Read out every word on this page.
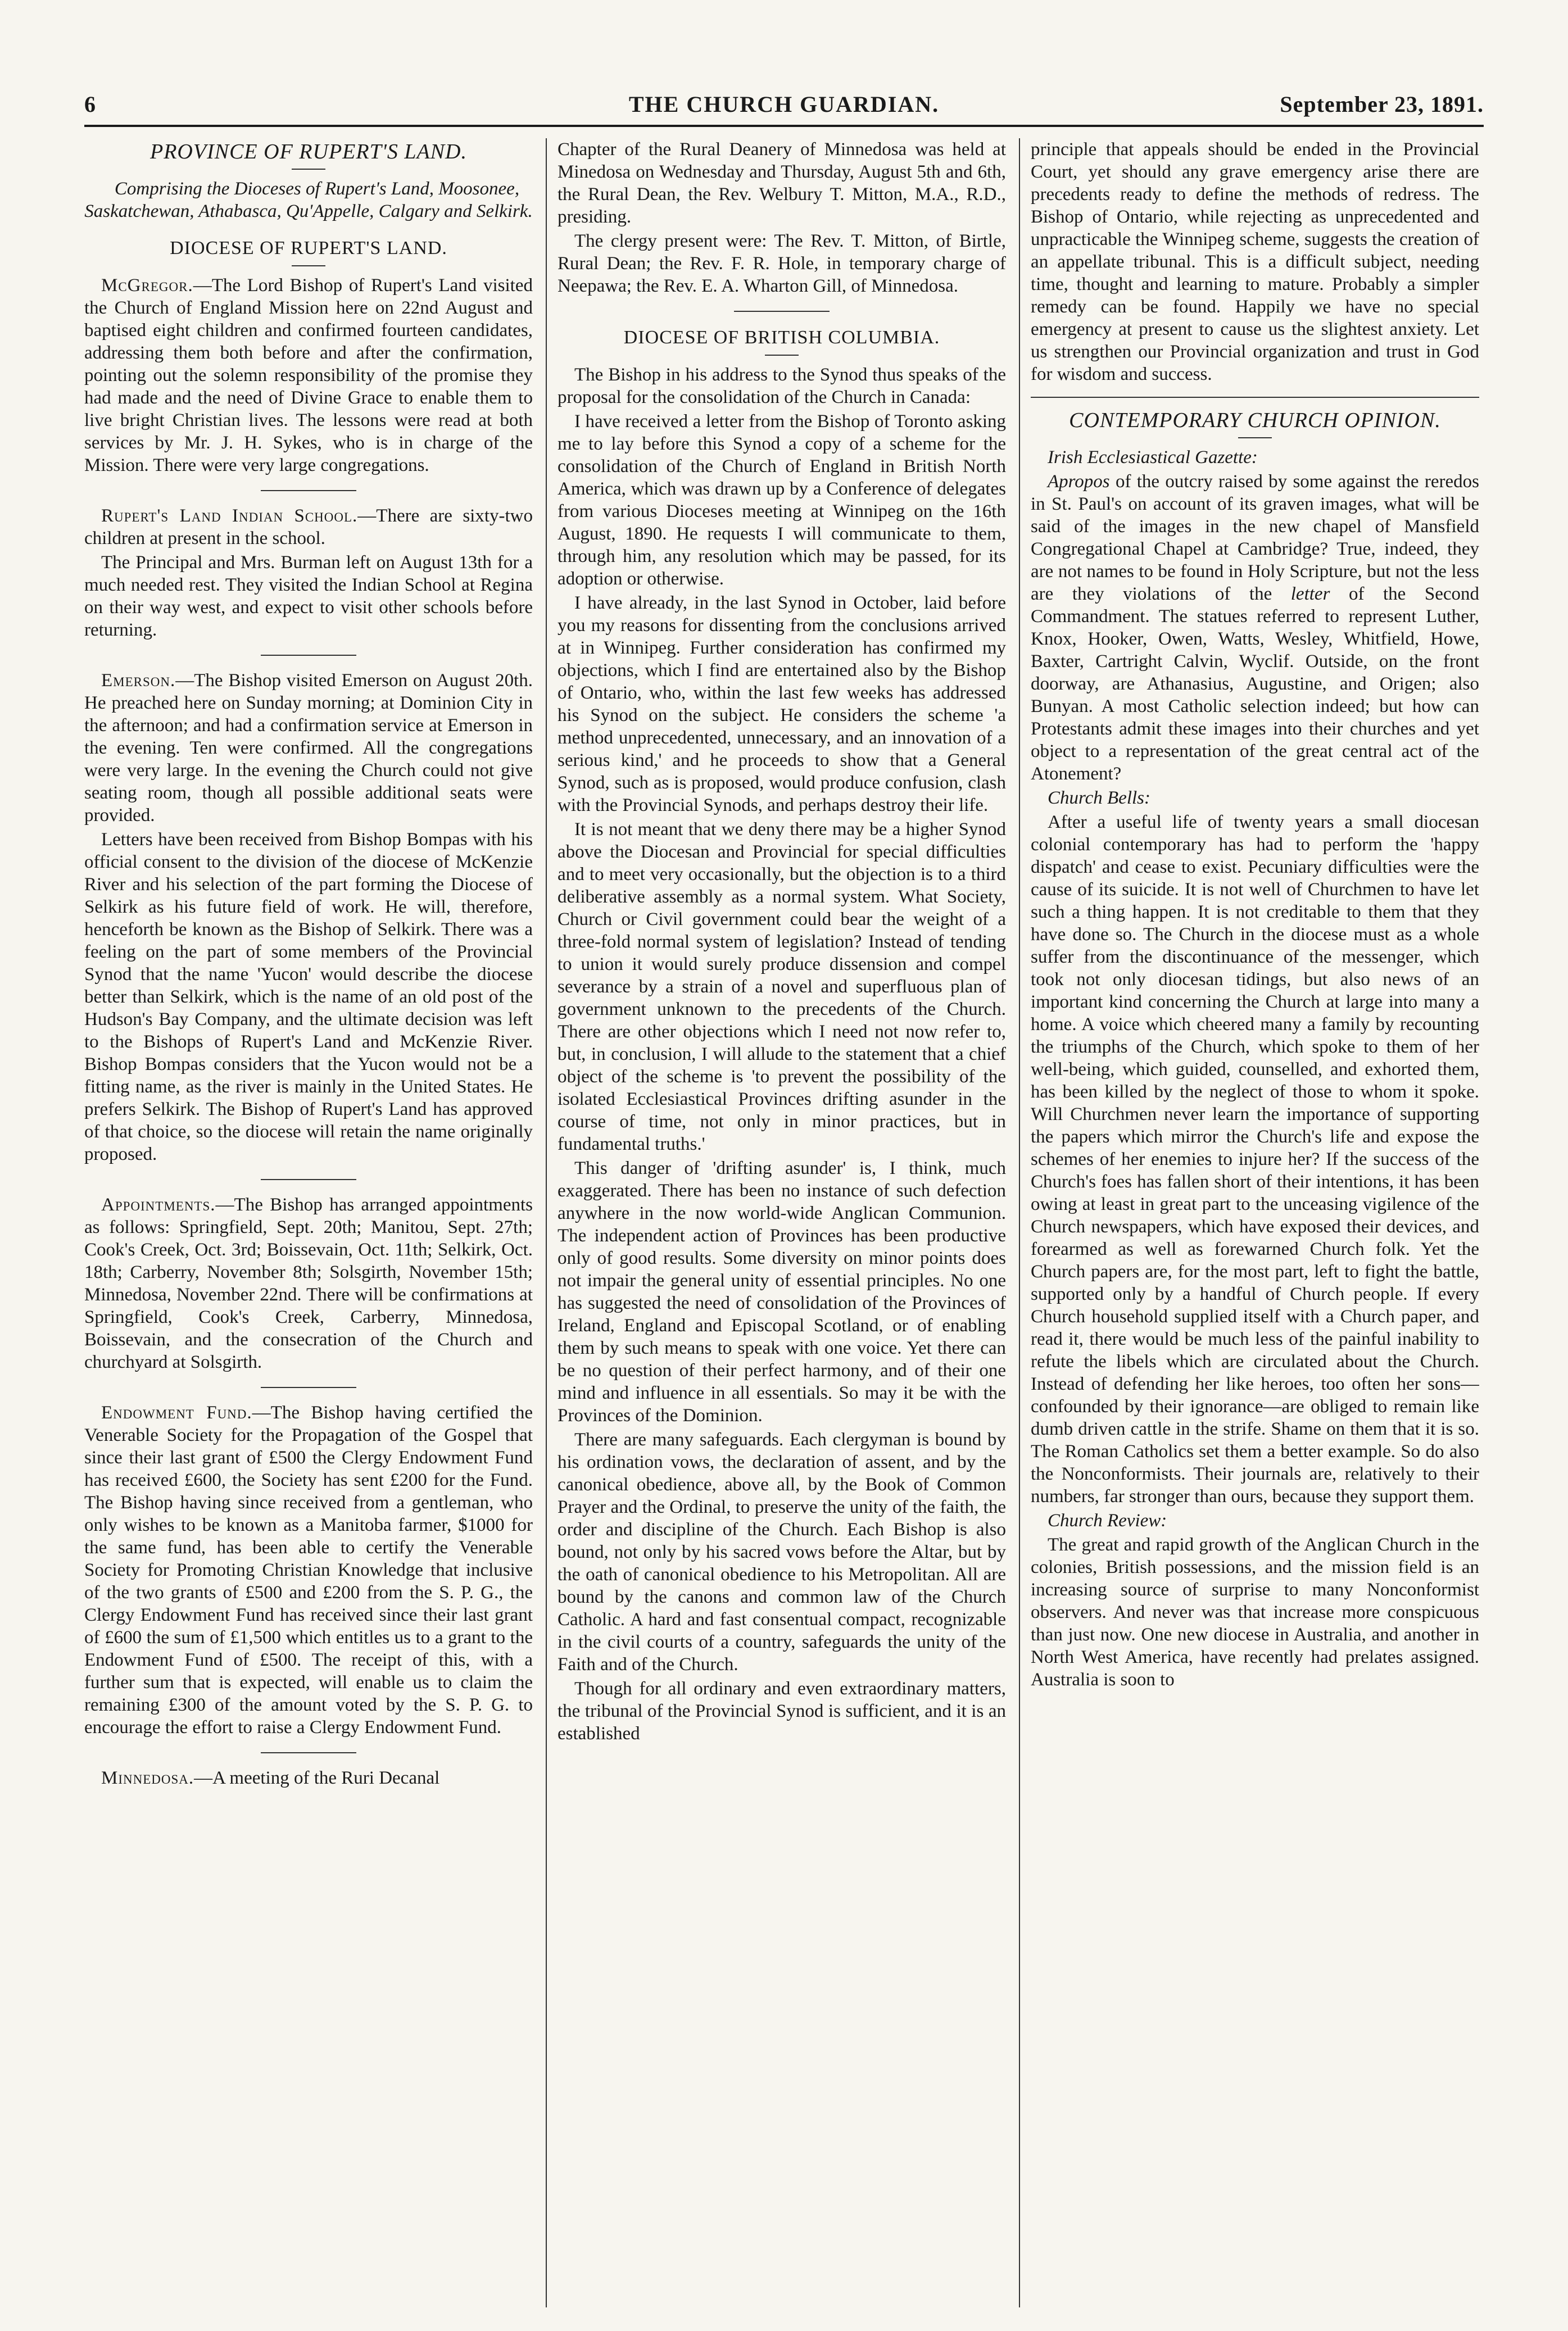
6	THE CHURCH GUARDIAN.	September 23, 1891.
PROVINCE OF RUPERT'S LAND.

Comprising the Dioceses of Rupert's Land, Moosonee, Saskatchewan, Athabasca, Qu'Appelle, Calgary and Selkirk.

DIOCESE OF RUPERT'S LAND.

McGregor.—The Lord Bishop of Rupert's Land visited the Church of England Mission here on 22nd August and baptised eight children and confirmed fourteen candidates, addressing them both before and after the confirmation, pointing out the solemn responsibility of the promise they had made and the need of Divine Grace to enable them to live bright Christian lives. The lessons were read at both services by Mr. J. H. Sykes, who is in charge of the Mission. There were very large congregations.

Rupert's Land Indian School.—There are sixty-two children at present in the school.

The Principal and Mrs. Burman left on August 13th for a much needed rest. They visited the Indian School at Regina on their way west, and expect to visit other schools before returning.

Emerson.—The Bishop visited Emerson on August 20th. He preached here on Sunday morning; at Dominion City in the afternoon; and had a confirmation service at Emerson in the evening. Ten were confirmed. All the congregations were very large. In the evening the Church could not give seating room, though all possible additional seats were provided.

Letters have been received from Bishop Bompas with his official consent to the division of the diocese of McKenzie River and his selection of the part forming the Diocese of Selkirk as his future field of work. He will, therefore, henceforth be known as the Bishop of Selkirk. There was a feeling on the part of some members of the Provincial Synod that the name 'Yucon' would describe the diocese better than Selkirk, which is the name of an old post of the Hudson's Bay Company, and the ultimate decision was left to the Bishops of Rupert's Land and McKenzie River. Bishop Bompas considers that the Yucon would not be a fitting name, as the river is mainly in the United States. He prefers Selkirk. The Bishop of Rupert's Land has approved of that choice, so the diocese will retain the name originally proposed.

Appointments.—The Bishop has arranged appointments as follows: Springfield, Sept. 20th; Manitou, Sept. 27th; Cook's Creek, Oct. 3rd; Boissevain, Oct. 11th; Selkirk, Oct. 18th; Carberry, November 8th; Solsgirth, November 15th; Minnedosa, November 22nd. There will be confirmations at Springfield, Cook's Creek, Carberry, Minnedosa, Boissevain, and the consecration of the Church and churchyard at Solsgirth.

Endowment Fund.—The Bishop having certified the Venerable Society for the Propagation of the Gospel that since their last grant of £500 the Clergy Endowment Fund has received £600, the Society has sent £200 for the Fund. The Bishop having since received from a gentleman, who only wishes to be known as a Manitoba farmer, $1000 for the same fund, has been able to certify the Venerable Society for Promoting Christian Knowledge that inclusive of the two grants of £500 and £200 from the S. P. G., the Clergy Endowment Fund has received since their last grant of £600 the sum of £1,500 which entitles us to a grant to the Endowment Fund of £500. The receipt of this, with a further sum that is expected, will enable us to claim the remaining £300 of the amount voted by the S. P. G. to encourage the effort to raise a Clergy Endowment Fund.

Minnedosa.—A meeting of the Ruri Decanal

Chapter of the Rural Deanery of Minnedosa was held at Minedosa on Wednesday and Thursday, August 5th and 6th, the Rural Dean, the Rev. Welbury T. Mitton, M.A., R.D., presiding.

The clergy present were: The Rev. T. Mitton, of Birtle, Rural Dean; the Rev. F. R. Hole, in temporary charge of Neepawa; the Rev. E. A. Wharton Gill, of Minnedosa.

DIOCESE OF BRITISH COLUMBIA.

The Bishop in his address to the Synod thus speaks of the proposal for the consolidation of the Church in Canada:

I have received a letter from the Bishop of Toronto asking me to lay before this Synod a copy of a scheme for the consolidation of the Church of England in British North America, which was drawn up by a Conference of delegates from various Dioceses meeting at Winnipeg on the 16th August, 1890. He requests I will communicate to them, through him, any resolution which may be passed, for its adoption or otherwise.

I have already, in the last Synod in October, laid before you my reasons for dissenting from the conclusions arrived at in Winnipeg. Further consideration has confirmed my objections, which I find are entertained also by the Bishop of Ontario, who, within the last few weeks has addressed his Synod on the subject. He considers the scheme 'a method unprecedented, unnecessary, and an innovation of a serious kind,' and he proceeds to show that a General Synod, such as is proposed, would produce confusion, clash with the Provincial Synods, and perhaps destroy their life.

It is not meant that we deny there may be a higher Synod above the Diocesan and Provincial for special difficulties and to meet very occasionally, but the objection is to a third deliberative assembly as a normal system. What Society, Church or Civil government could bear the weight of a three-fold normal system of legislation? Instead of tending to union it would surely produce dissension and compel severance by a strain of a novel and superfluous plan of government unknown to the precedents of the Church. There are other objections which I need not now refer to, but, in conclusion, I will allude to the statement that a chief object of the scheme is 'to prevent the possibility of the isolated Ecclesiastical Provinces drifting asunder in the course of time, not only in minor practices, but in fundamental truths.'

This danger of 'drifting asunder' is, I think, much exaggerated. There has been no instance of such defection anywhere in the now world-wide Anglican Communion. The independent action of Provinces has been productive only of good results. Some diversity on minor points does not impair the general unity of essential principles. No one has suggested the need of consolidation of the Provinces of Ireland, England and Episcopal Scotland, or of enabling them by such means to speak with one voice. Yet there can be no question of their perfect harmony, and of their one mind and influence in all essentials. So may it be with the Provinces of the Dominion.

There are many safeguards. Each clergyman is bound by his ordination vows, the declaration of assent, and by the canonical obedience, above all, by the Book of Common Prayer and the Ordinal, to preserve the unity of the faith, the order and discipline of the Church. Each Bishop is also bound, not only by his sacred vows before the Altar, but by the oath of canonical obedience to his Metropolitan. All are bound by the canons and common law of the Church Catholic. A hard and fast consentual compact, recognizable in the civil courts of a country, safeguards the unity of the Faith and of the Church.

Though for all ordinary and even extraordinary matters, the tribunal of the Provincial Synod is sufficient, and it is an established

principle that appeals should be ended in the Provincial Court, yet should any grave emergency arise there are precedents ready to define the methods of redress. The Bishop of Ontario, while rejecting as unprecedented and unpracticable the Winnipeg scheme, suggests the creation of an appellate tribunal. This is a difficult subject, needing time, thought and learning to mature. Probably a simpler remedy can be found. Happily we have no special emergency at present to cause us the slightest anxiety. Let us strengthen our Provincial organization and trust in God for wisdom and success.

CONTEMPORARY CHURCH OPINION.

Irish Ecclesiastical Gazette:

Apropos of the outcry raised by some against the reredos in St. Paul's on account of its graven images, what will be said of the images in the new chapel of Mansfield Congregational Chapel at Cambridge? True, indeed, they are not names to be found in Holy Scripture, but not the less are they violations of the letter of the Second Commandment. The statues referred to represent Luther, Knox, Hooker, Owen, Watts, Wesley, Whitfield, Howe, Baxter, Cartright Calvin, Wyclif. Outside, on the front doorway, are Athanasius, Augustine, and Origen; also Bunyan. A most Catholic selection indeed; but how can Protestants admit these images into their churches and yet object to a representation of the great central act of the Atonement?

Church Bells:

After a useful life of twenty years a small diocesan colonial contemporary has had to perform the 'happy dispatch' and cease to exist. Pecuniary difficulties were the cause of its suicide. It is not well of Churchmen to have let such a thing happen. It is not creditable to them that they have done so. The Church in the diocese must as a whole suffer from the discontinuance of the messenger, which took not only diocesan tidings, but also news of an important kind concerning the Church at large into many a home. A voice which cheered many a family by recounting the triumphs of the Church, which spoke to them of her well-being, which guided, counselled, and exhorted them, has been killed by the neglect of those to whom it spoke. Will Churchmen never learn the importance of supporting the papers which mirror the Church's life and expose the schemes of her enemies to injure her? If the success of the Church's foes has fallen short of their intentions, it has been owing at least in great part to the unceasing vigilence of the Church newspapers, which have exposed their devices, and forearmed as well as forewarned Church folk. Yet the Church papers are, for the most part, left to fight the battle, supported only by a handful of Church people. If every Church household supplied itself with a Church paper, and read it, there would be much less of the painful inability to refute the libels which are circulated about the Church. Instead of defending her like heroes, too often her sons—confounded by their ignorance—are obliged to remain like dumb driven cattle in the strife. Shame on them that it is so. The Roman Catholics set them a better example. So do also the Nonconformists. Their journals are, relatively to their numbers, far stronger than ours, because they support them.

Church Review:

The great and rapid growth of the Anglican Church in the colonies, British possessions, and the mission field is an increasing source of surprise to many Nonconformist observers. And never was that increase more conspicuous than just now. One new diocese in Australia, and another in North West America, have recently had prelates assigned. Australia is soon to
